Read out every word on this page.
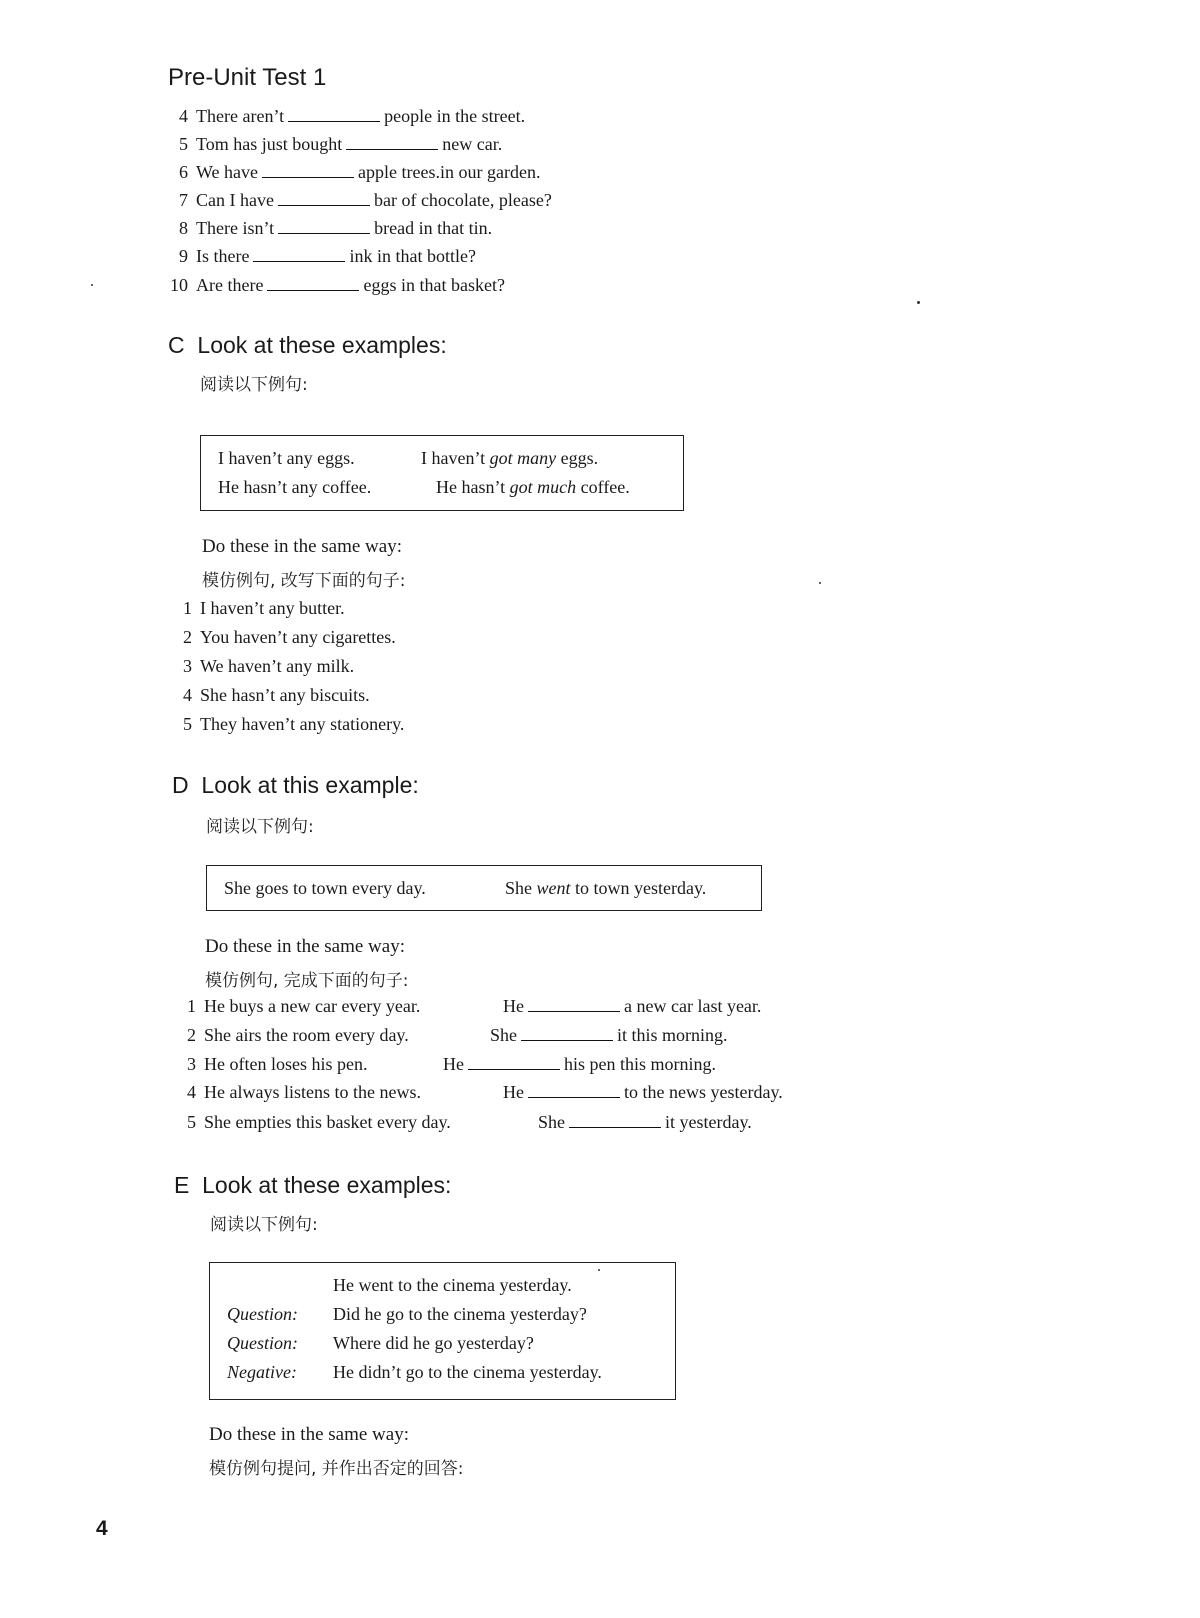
Pre-Unit Test 1
4 There aren’t	people in the street.
5 Tom has just bought	new car.
6 We have	apple trees.in our garden.
7 Can I have	bar of chocolate, please?
8 There isn’t	bread in that tin.
9 Is there	ink in that bottle?
10 Are there	eggs in that basket?
C Look at these examples:
阅读以下例句:
I haven’t any eggs.	I haven’t got many eggs.
He hasn’t any coffee.	He hasn’t got much coffee.
Do these in the same way:
模仿例句, 改写下面的句子:
1 I haven’t any butter.
2 You haven’t any cigarettes.
3 We haven’t any milk.
4 She hasn’t any biscuits.
5 They haven’t any stationery.
D Look at this example:
阅读以下例句:
She goes to town every day.	She went to town yesterday.
Do these in the same way:
模仿例句, 完成下面的句子:
1 He buys a new car every year.	He	a new car last year.
2 She airs the room every day.	She	it this morning.
3 He often loses his pen.	He	his pen this morning.
4 He always listens to the news.	He	to the news yesterday.
5 She empties this basket every day.	She	it yesterday.
E Look at these examples:
阅读以下例句:
He went to the cinema yesterday.
Question: Did he go to the cinema yesterday?
Question: Where did he go yesterday?
Negative: He didn’t go to the cinema yesterday.
Do these in the same way:
模仿例句提问, 并作出否定的回答:
4
